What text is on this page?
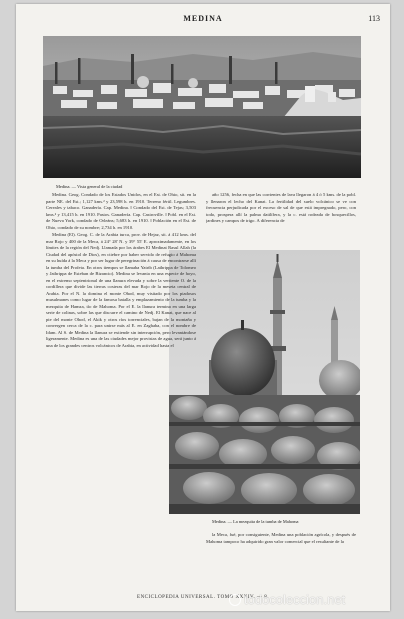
MEDINA	113
Medina. — Vista general de la ciudad

año 1256, fecha en que las corrientes de lava llegaron á 4 ó 5 kms. de la pobl. y llenaron el lecho del Kanat. La fertilidad del suelo volcánico se ve con frecuencia perjudicada por el exceso de sal de que está impregnado, pero, con todo, prospera allí la palma datilífera, y la c. está rodeada de bosquecillos, jardines y campos de trigo. A diferencia de

Medina. — La mezquita de la tumba de Mahoma

Medina. Geog. Condado de los Estados Unidos, en el Est. de Ohio, sit. en la parte NE. del Est.; 1,127 kms.² y 23,598 h. en 1910. Terreno fértil. Legumbres. Cereales y tabaco. Ganadería. Cap. Medina. ‖ Condado del Est. de Tejas; 3,503 kms.² y 13,415 h. en 1910. Pastos. Ganadería. Cap. Castroville. ‖ Pobl. en el Est. de Nueva York, condado de Orleáns; 5,683 h. en 1910. ‖ Población en el Est. de Ohio, condado de su nombre; 2,734 h. en 1910.

Medina (El). Geog. C. de la Arabia turca, prov. de Hejaz, sit. á 412 kms. del mar Rojo y 400 de la Meca, á 24° 28' N. y 39° 55' E. aproximadamente, en los límites de la región del Nedj. Llamada por los árabes El Medinat Rasul Allah (la Ciudad del apóstol de Dios), en ctiebre por haber servido de refugio á Mahoma en su huída á la Meca y por ser lugar de peregrinación á causa de encontrarse allí la tumba del Profeta. En otros tiempos se llamaba Yatrib (Lathrippa de Tolomeo y Jathrippa de Esteban de Bizancio). Medina se levanta en una especie de hoyo, en el extremo septentrional de una llanura elevada y sobre la vertiente O. de la cordillera que divide las tierras costeras del mar Rojo de la meseta central de Arabia. Por el N. la domina el monte Ohod, muy visitado por los piadosos musulmanes como lugar de la famosa batalla y emplazamiento de la tumba y la mezquita de Hamza, tío de Mahoma. Por el E. la llanura termina en una larga serie de colinas, sobre las que discurre el camino de Nedj. El Kanat, que nace al pie del monte Ohod, el Akik y otros ríos torrenciales, bajan de la montaña y convergen cerca de la c. para unirse más al E. en Zaghaba, con el nombre de Idam. Al S. de Medina la llanura se extiende sin interrupción, pero levantándose ligeramente. Medina es una de las ciudades mejor provistas de agua, será junto á una de los grandes centros volcánicos de Arabia, en actividad hasta el

la Meca, fué, por consiguiente, Medina una población agrícola, y después de Mahoma tampoco ha adquirido gran valor comercial que el resultante de la

ENCICLOPEDIA UNIVERSAL. TOMO XXXIV. — 8.
todocoleccion.net
